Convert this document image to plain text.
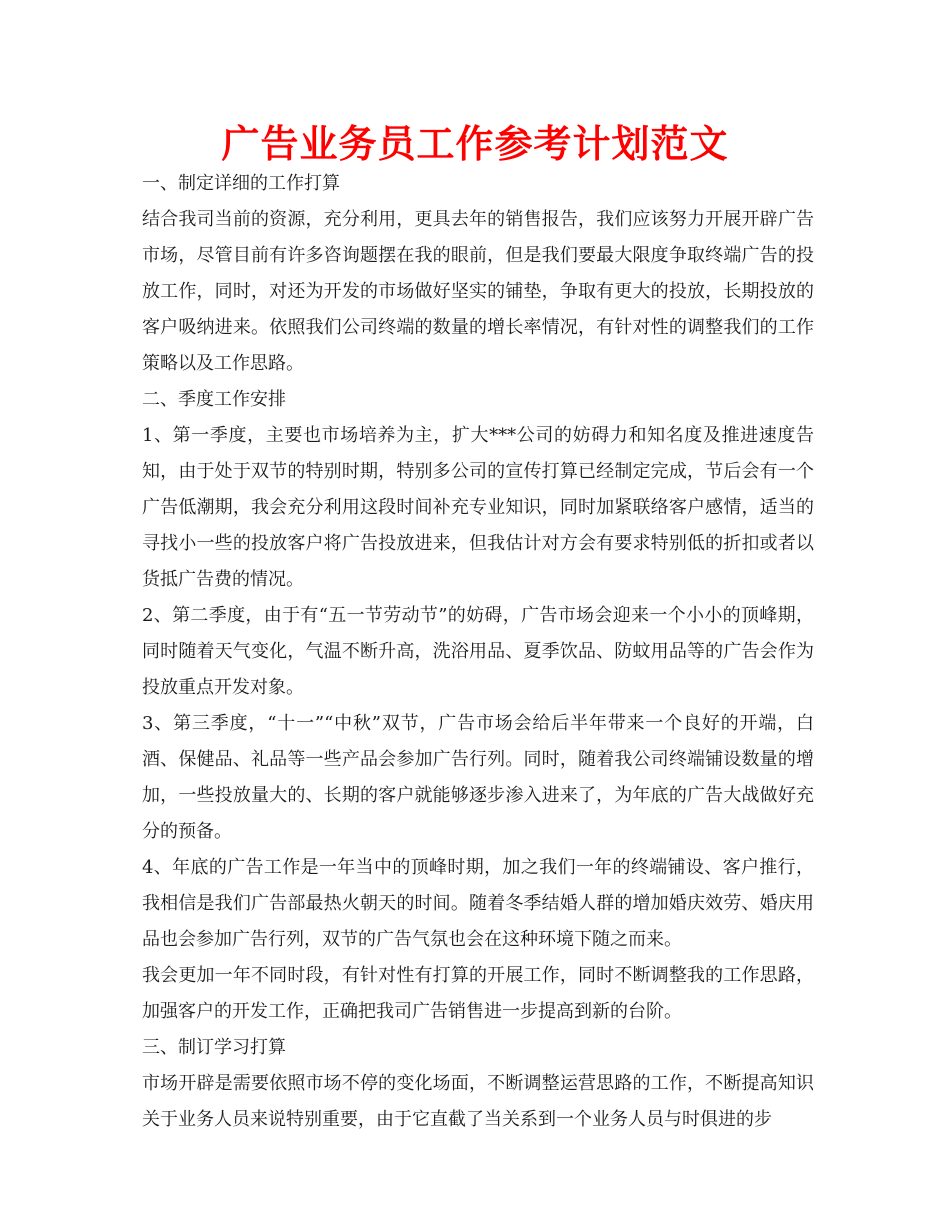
广告业务员工作参考计划范文

一、制定详细的工作打算

结合我司当前的资源，充分利用，更具去年的销售报告，我们应该努力开展开辟广告市场，尽管目前有许多咨询题摆在我的眼前，但是我们要最大限度争取终端广告的投放工作，同时，对还为开发的市场做好坚实的铺垫，争取有更大的投放，长期投放的客户吸纳进来。依照我们公司终端的数量的增长率情况，有针对性的调整我们的工作策略以及工作思路。

二、季度工作安排

1、第一季度，主要也市场培养为主，扩大***公司的妨碍力和知名度及推进速度告知，由于处于双节的特别时期，特别多公司的宣传打算已经制定完成，节后会有一个广告低潮期，我会充分利用这段时间补充专业知识，同时加紧联络客户感情，适当的寻找小一些的投放客户将广告投放进来，但我估计对方会有要求特别低的折扣或者以货抵广告费的情况。

2、第二季度，由于有“五一节劳动节”的妨碍，广告市场会迎来一个小小的顶峰期，同时随着天气变化，气温不断升高，洗浴用品、夏季饮品、防蚊用品等的广告会作为投放重点开发对象。

3、第三季度，“十一”“中秋”双节，广告市场会给后半年带来一个良好的开端，白酒、保健品、礼品等一些产品会参加广告行列。同时，随着我公司终端铺设数量的增加，一些投放量大的、长期的客户就能够逐步渗入进来了，为年底的广告大战做好充分的预备。

4、年底的广告工作是一年当中的顶峰时期，加之我们一年的终端铺设、客户推行，我相信是我们广告部最热火朝天的时间。随着冬季结婚人群的增加婚庆效劳、婚庆用品也会参加广告行列，双节的广告气氛也会在这种环境下随之而来。

我会更加一年不同时段，有针对性有打算的开展工作，同时不断调整我的工作思路，加强客户的开发工作，正确把我司广告销售进一步提高到新的台阶。

三、制订学习打算

市场开辟是需要依照市场不停的变化场面，不断调整运营思路的工作，不断提高知识关于业务人员来说特别重要，由于它直截了当关系到一个业务人员与时俱进的步
